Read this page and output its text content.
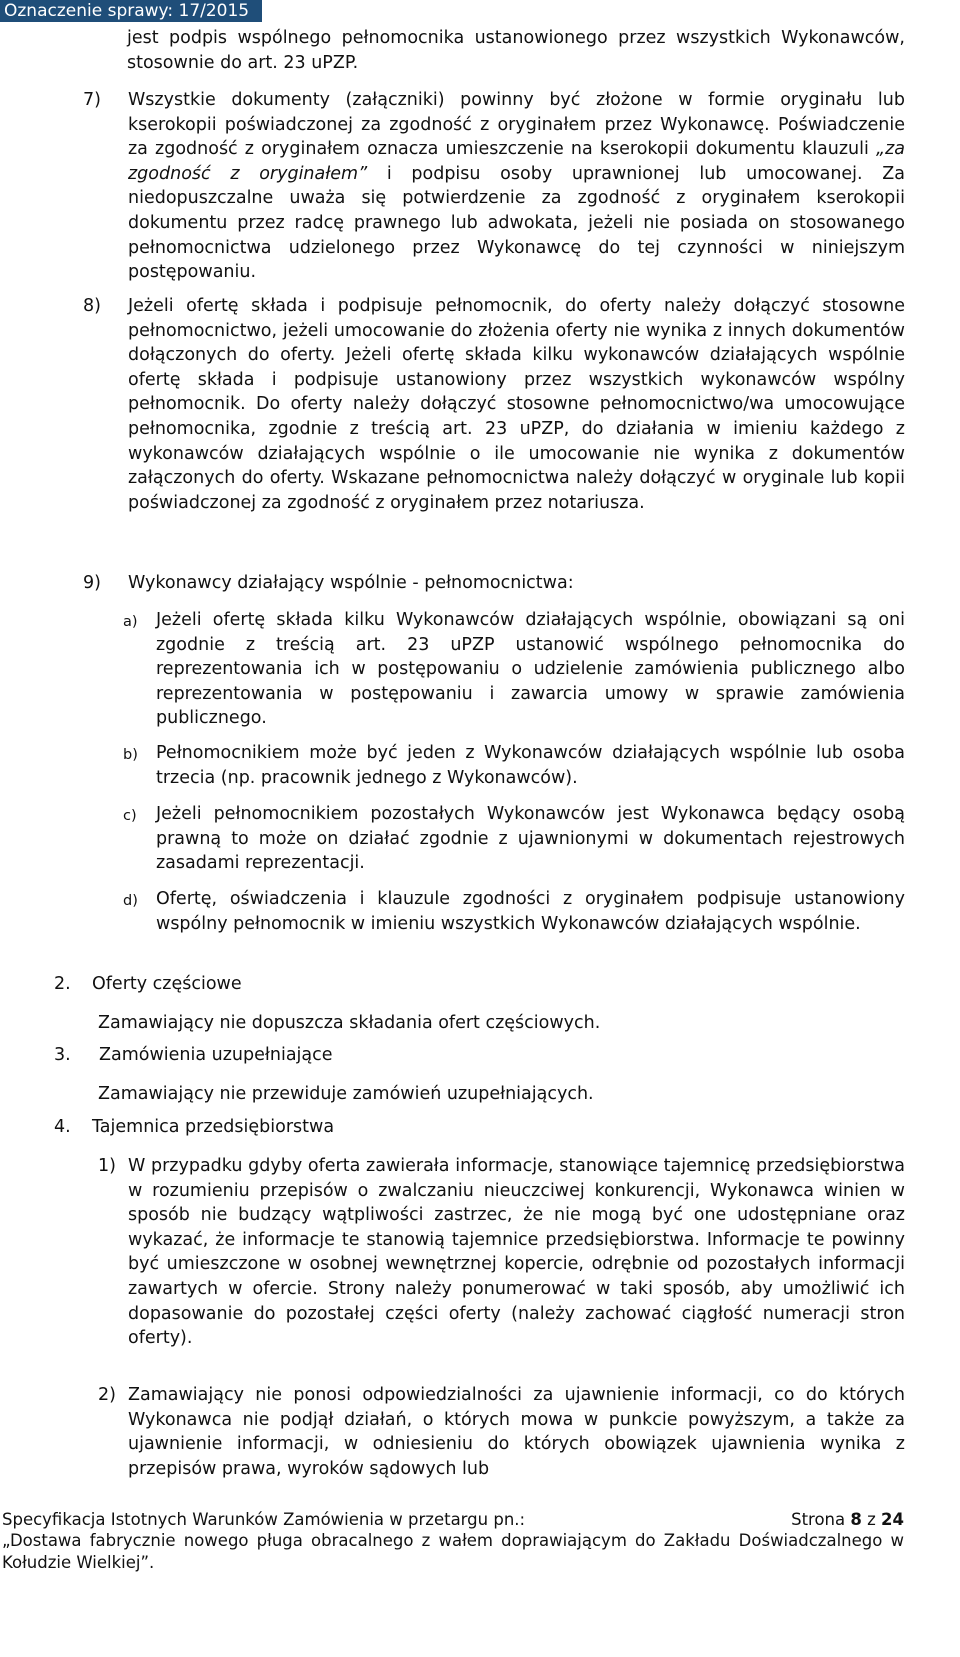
Oznaczenie sprawy: 17/2015
jest podpis wspólnego pełnomocnika ustanowionego przez wszystkich Wykonawców, stosownie do art. 23 uPZP.
7) Wszystkie dokumenty (załączniki) powinny być złożone w formie oryginału lub kserokopii poświadczonej za zgodność z oryginałem przez Wykonawcę. Poświadczenie za zgodność z oryginałem oznacza umieszczenie na kserokopii dokumentu klauzuli „za zgodność z oryginałem” i podpisu osoby uprawnionej lub umocowanej. Za niedopuszczalne uważa się potwierdzenie za zgodność z oryginałem kserokopii dokumentu przez radcę prawnego lub adwokata, jeżeli nie posiada on stosowanego pełnomocnictwa udzielonego przez Wykonawcę do tej czynności w niniejszym postępowaniu.
8) Jeżeli ofertę składa i podpisuje pełnomocnik, do oferty należy dołączyć stosowne pełnomocnictwo, jeżeli umocowanie do złożenia oferty nie wynika z innych dokumentów dołączonych do oferty. Jeżeli ofertę składa kilku wykonawców działających wspólnie ofertę składa i podpisuje ustanowiony przez wszystkich wykonawców wspólny pełnomocnik. Do oferty należy dołączyć stosowne pełnomocnictwo/wa umocowujące pełnomocnika, zgodnie z treścią art. 23 uPZP, do działania w imieniu każdego z wykonawców działających wspólnie o ile umocowanie nie wynika z dokumentów załączonych do oferty. Wskazane pełnomocnictwa należy dołączyć w oryginale lub kopii poświadczonej za zgodność z oryginałem przez notariusza.
9) Wykonawcy działający wspólnie - pełnomocnictwa:
a) Jeżeli ofertę składa kilku Wykonawców działających wspólnie, obowiązani są oni zgodnie z treścią art. 23 uPZP ustanowić wspólnego pełnomocnika do reprezentowania ich w postępowaniu o udzielenie zamówienia publicznego albo reprezentowania w postępowaniu i zawarcia umowy w sprawie zamówienia publicznego.
b) Pełnomocnikiem może być jeden z Wykonawców działających wspólnie lub osoba trzecia (np. pracownik jednego z Wykonawców).
c) Jeżeli pełnomocnikiem pozostałych Wykonawców jest Wykonawca będący osobą prawną to może on działać zgodnie z ujawnionymi w dokumentach rejestrowych zasadami reprezentacji.
d) Ofertę, oświadczenia i klauzule zgodności z oryginałem podpisuje ustanowiony wspólny pełnomocnik w imieniu wszystkich Wykonawców działających wspólnie.
2. Oferty częściowe
Zamawiający nie dopuszcza składania ofert częściowych.
3. Zamówienia uzupełniające
Zamawiający nie przewiduje zamówień uzupełniających.
4. Tajemnica przedsiębiorstwa
1) W przypadku gdyby oferta zawierała informacje, stanowiące tajemnicę przedsiębiorstwa w rozumieniu przepisów o zwalczaniu nieuczciwej konkurencji, Wykonawca winien w sposób nie budzący wątpliwości zastrzec, że nie mogą być one udostępniane oraz wykazać, że informacje te stanowią tajemnice przedsiębiorstwa. Informacje te powinny być umieszczone w osobnej wewnętrznej kopercie, odrębnie od pozostałych informacji zawartych w ofercie. Strony należy ponumerować w taki sposób, aby umożliwić ich dopasowanie do pozostałej części oferty (należy zachować ciągłość numeracji stron oferty).
2) Zamawiający nie ponosi odpowiedzialności za ujawnienie informacji, co do których Wykonawca nie podjął działań, o których mowa w punkcie powyższym, a także za ujawnienie informacji, w odniesieniu do których obowiązek ujawnienia wynika z przepisów prawa, wyroków sądowych lub
Specyfikacja Istotnych Warunków Zamówienia w przetargu pn.:	Strona 8 z 24
„Dostawa fabrycznie nowego pługa obracalnego z wałem doprawiającym do Zakładu Doświadczalnego w
Kołudzie Wielkiej”.
